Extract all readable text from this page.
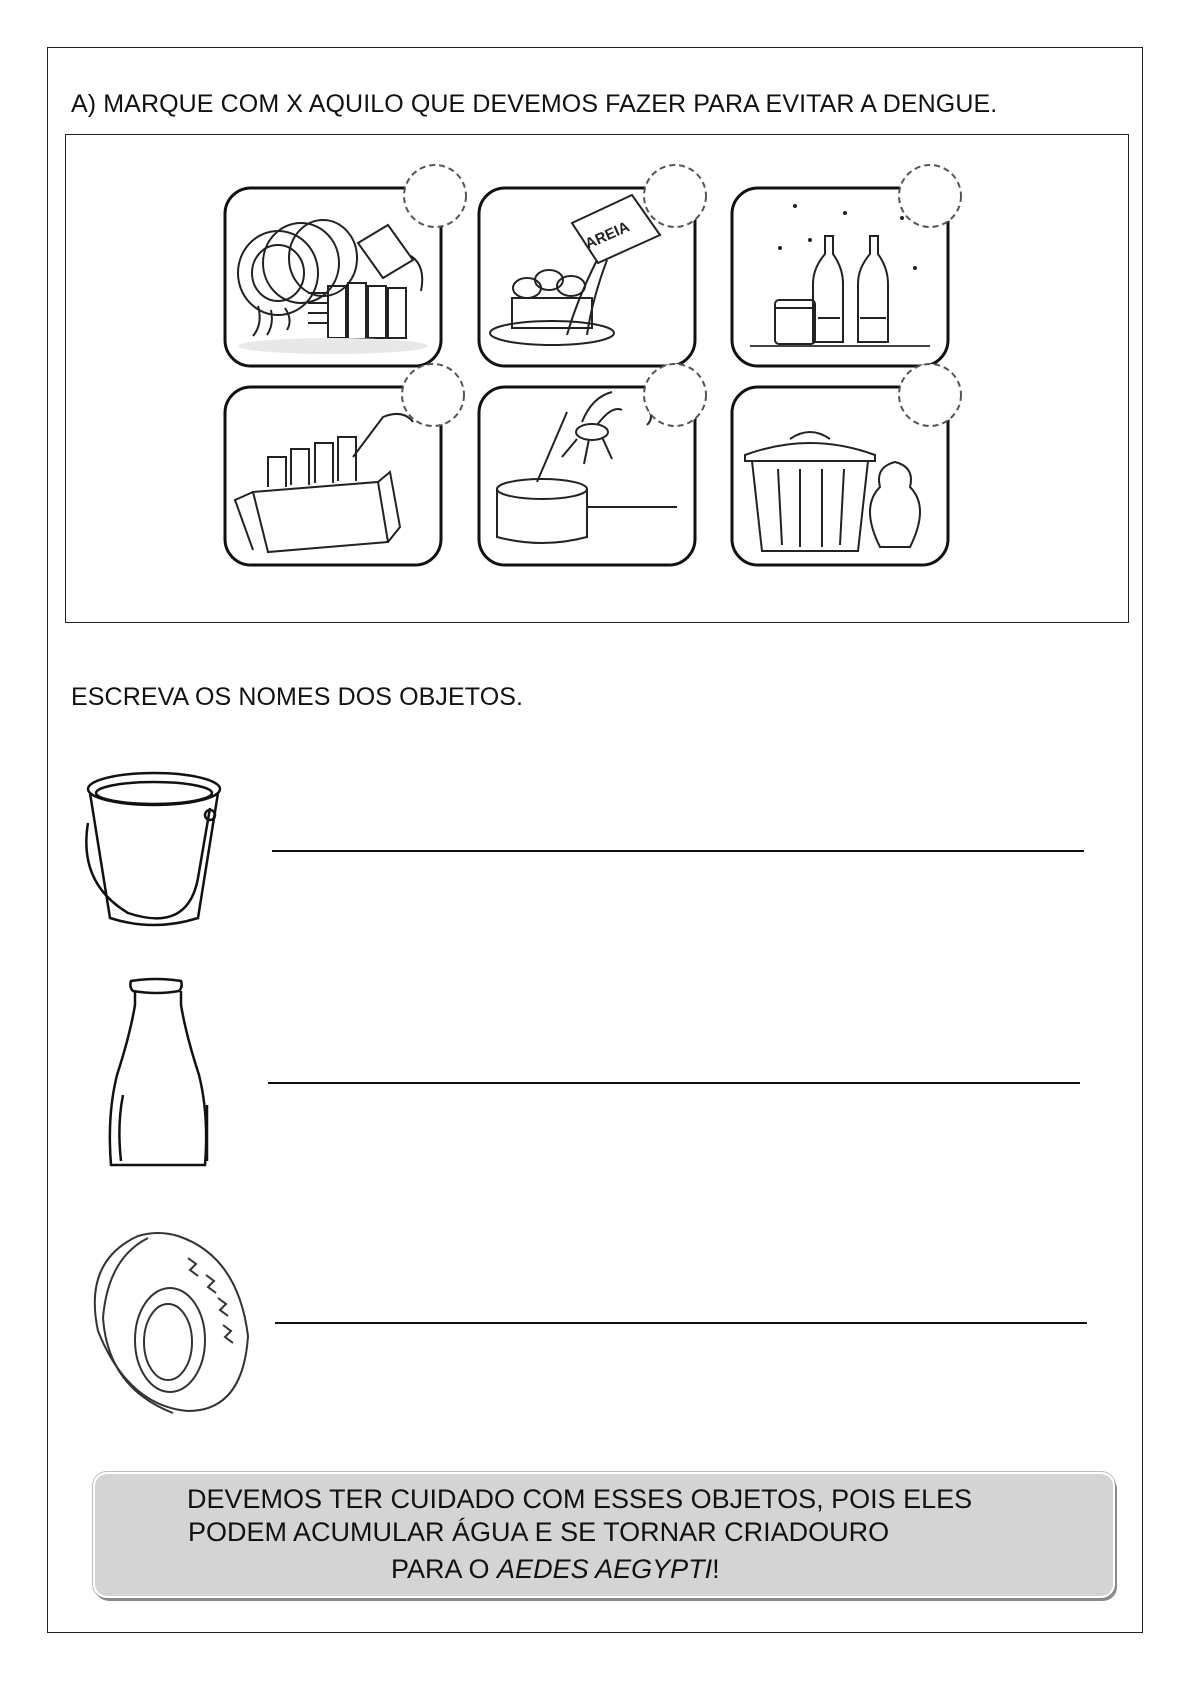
A) MARQUE COM X AQUILO QUE DEVEMOS FAZER PARA EVITAR A DENGUE.
AREIA
ESCREVA OS NOMES DOS OBJETOS.
DEVEMOS TER CUIDADO COM ESSES OBJETOS, POIS ELES
PODEM ACUMULAR ÁGUA E SE TORNAR CRIADOURO
PARA O AEDES AEGYPTI!
